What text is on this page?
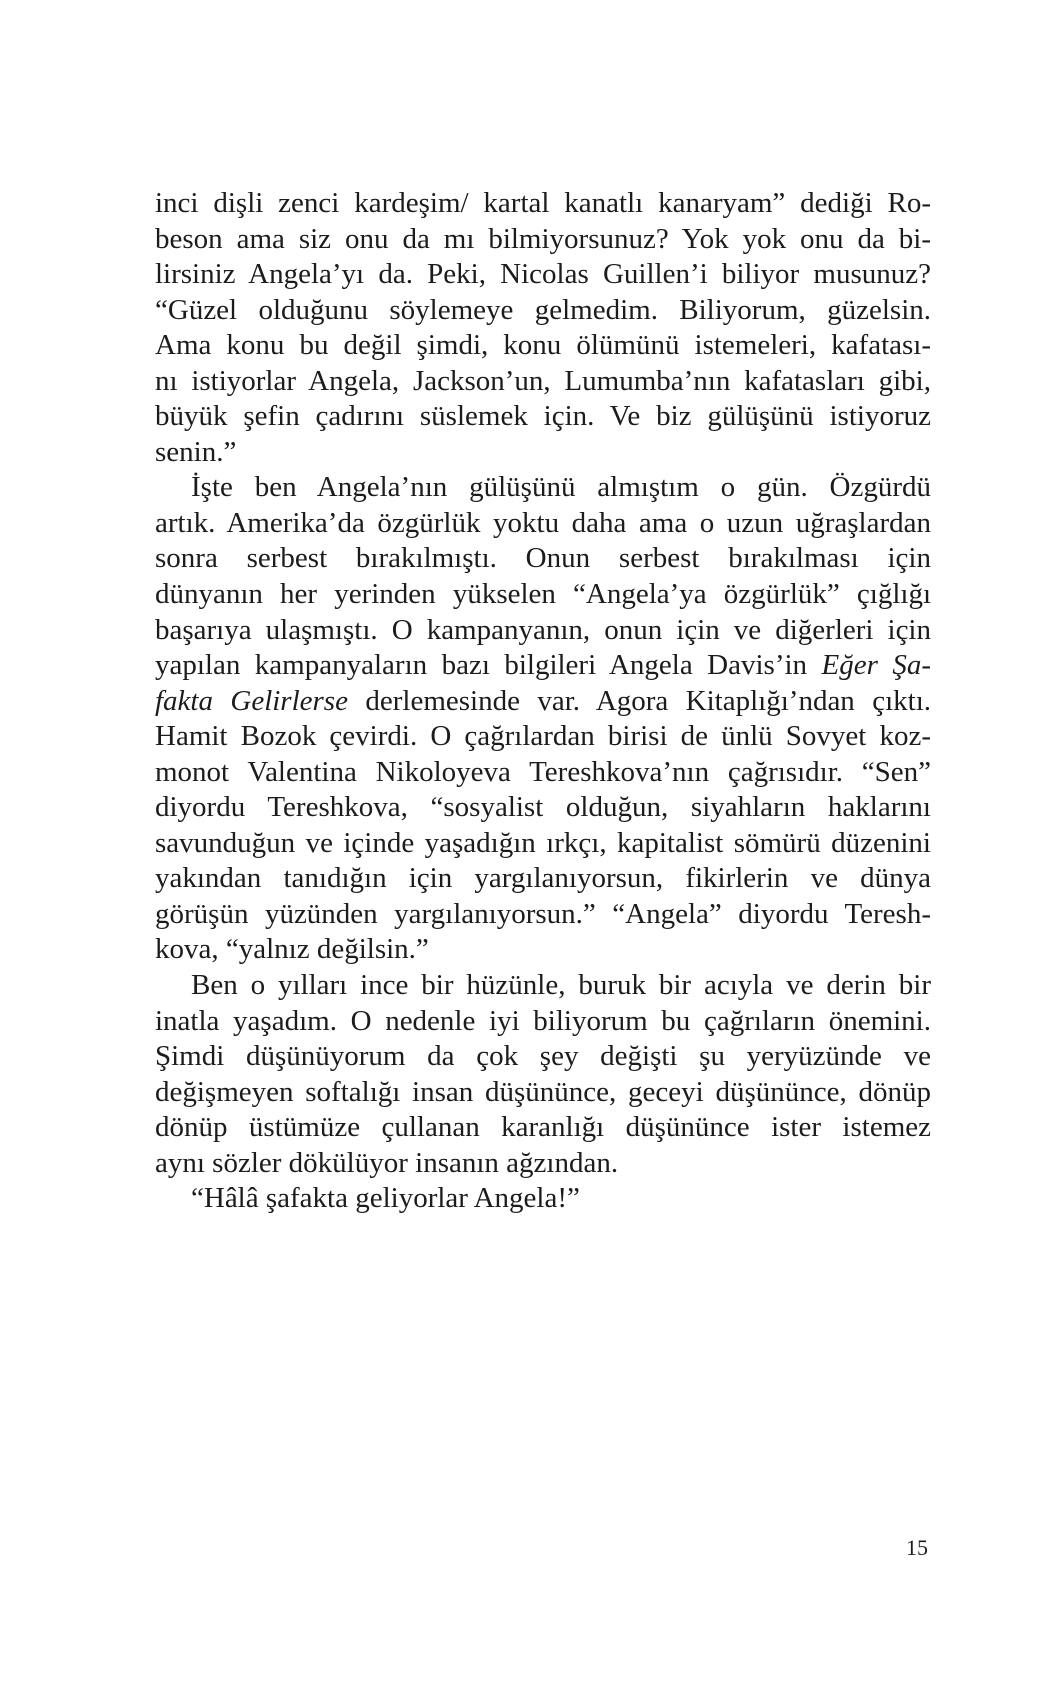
inci dişli zenci kardeşim/ kartal kanatlı kanaryam” dediği Ro-
beson ama siz onu da mı bilmiyorsunuz? Yok yok onu da bi-
lirsiniz Angela’yı da. Peki, Nicolas Guillen’i biliyor musunuz?
“Güzel olduğunu söylemeye gelmedim. Biliyorum, güzelsin.
Ama konu bu değil şimdi, konu ölümünü istemeleri, kafatası-
nı istiyorlar Angela, Jackson’un, Lumumba’nın kafatasları gibi,
büyük şefin çadırını süslemek için. Ve biz gülüşünü istiyoruz
senin.”
İşte ben Angela’nın gülüşünü almıştım o gün. Özgürdü
artık. Amerika’da özgürlük yoktu daha ama o uzun uğraşlardan
sonra serbest bırakılmıştı. Onun serbest bırakılması için
dünyanın her yerinden yükselen “Angela’ya özgürlük” çığlığı
başarıya ulaşmıştı. O kampanyanın, onun için ve diğerleri için
yapılan kampanyaların bazı bilgileri Angela Davis’in Eğer Şa-
fakta Gelirlerse derlemesinde var. Agora Kitaplığı’ndan çıktı.
Hamit Bozok çevirdi. O çağrılardan birisi de ünlü Sovyet koz-
monot Valentina Nikoloyeva Tereshkova’nın çağrısıdır. “Sen”
diyordu Tereshkova, “sosyalist olduğun, siyahların haklarını
savunduğun ve içinde yaşadığın ırkçı, kapitalist sömürü düzenini
yakından tanıdığın için yargılanıyorsun, fikirlerin ve dünya
görüşün yüzünden yargılanıyorsun.” “Angela” diyordu Teresh-
kova, “yalnız değilsin.”
Ben o yılları ince bir hüzünle, buruk bir acıyla ve derin bir
inatla yaşadım. O nedenle iyi biliyorum bu çağrıların önemini.
Şimdi düşünüyorum da çok şey değişti şu yeryüzünde ve
değişmeyen softalığı insan düşününce, geceyi düşününce, dönüp
dönüp üstümüze çullanan karanlığı düşününce ister istemez
aynı sözler dökülüyor insanın ağzından.
“Hâlâ şafakta geliyorlar Angela!”
15
